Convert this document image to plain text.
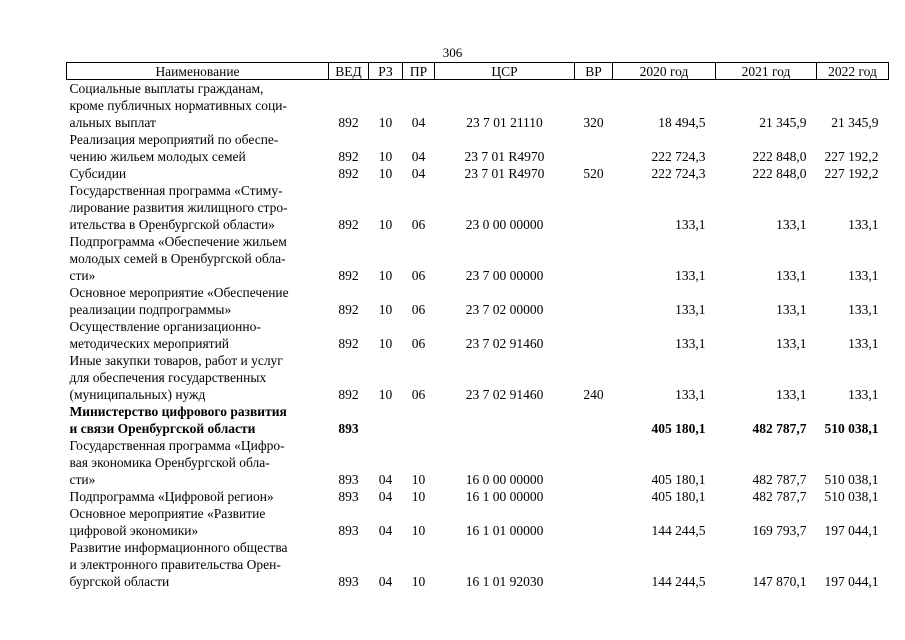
306
Наименование	ВЕД	РЗ	ПР	ЦСР	ВР	2020 год	2021 год	2022 год

Социальные выплаты гражданам,
кроме публичных нормативных соци-
альных выплат	892	10	04	23 7 01 21110	320	18 494,5	21 345,9	21 345,9

Реализация мероприятий по обеспе-
чению жильем молодых семей	892	10	04	23 7 01 R4970		222 724,3	222 848,0	227 192,2

Субсидии	892	10	04	23 7 01 R4970	520	222 724,3	222 848,0	227 192,2

Государственная программа «Стиму-
лирование развития жилищного стро-
ительства в Оренбургской области»	892	10	06	23 0 00 00000		133,1	133,1	133,1

Подпрограмма «Обеспечение жильем
молодых семей в Оренбургской обла-
сти»	892	10	06	23 7 00 00000		133,1	133,1	133,1

Основное мероприятие «Обеспечение
реализации подпрограммы»	892	10	06	23 7 02 00000		133,1	133,1	133,1

Осуществление организационно-
методических мероприятий	892	10	06	23 7 02 91460		133,1	133,1	133,1

Иные закупки товаров, работ и услуг
для обеспечения государственных
(муниципальных) нужд	892	10	06	23 7 02 91460	240	133,1	133,1	133,1

Министерство цифрового развития
и связи Оренбургской области	893					405 180,1	482 787,7	510 038,1

Государственная программа «Цифро-
вая экономика Оренбургской обла-
сти»	893	04	10	16 0 00 00000		405 180,1	482 787,7	510 038,1

Подпрограмма «Цифровой регион»	893	04	10	16 1 00 00000		405 180,1	482 787,7	510 038,1

Основное мероприятие «Развитие
цифровой экономики»	893	04	10	16 1 01 00000		144 244,5	169 793,7	197 044,1

Развитие информационного общества
и электронного правительства Орен-
бургской области	893	04	10	16 1 01 92030		144 244,5	147 870,1	197 044,1
